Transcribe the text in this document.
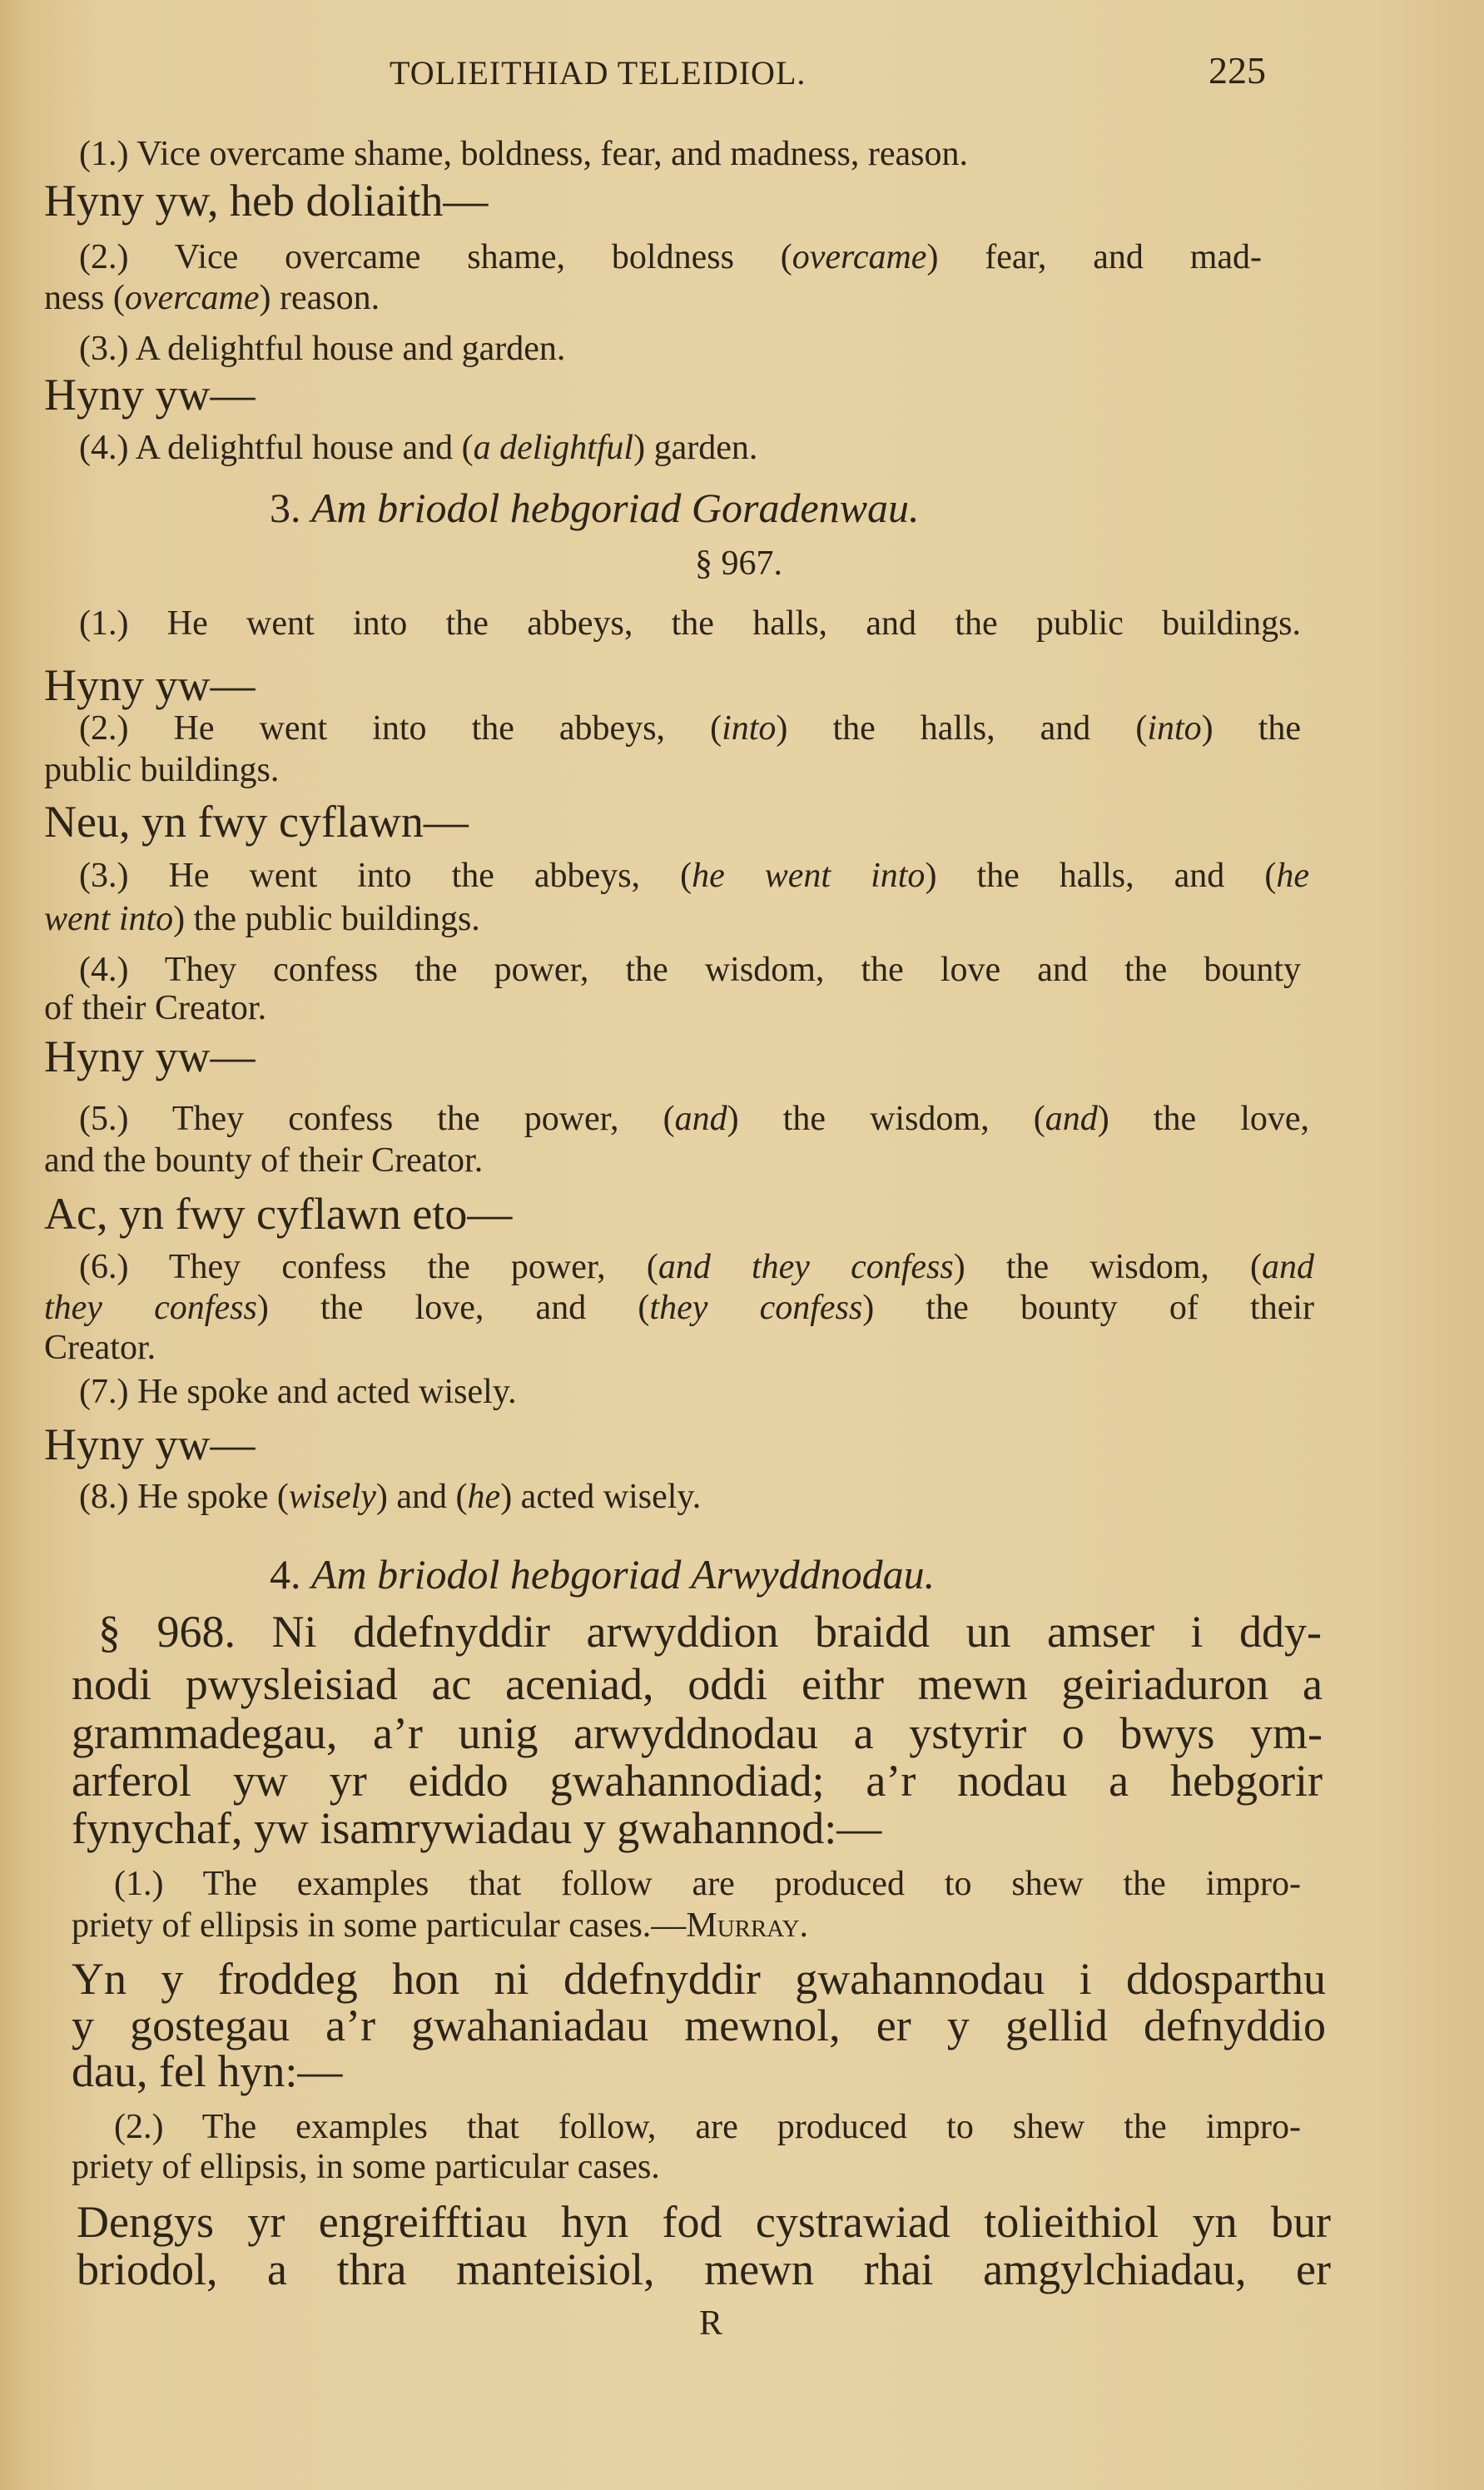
TOLIEITHIAD TELEIDIOL.	225
(1.) Vice overcame shame, boldness, fear, and madness, reason.
Hyny yw, heb doliaith—
(2.) Vice overcame shame, boldness (overcame) fear, and mad-
ness (overcame) reason.
(3.) A delightful house and garden.
Hyny yw—
(4.) A delightful house and (a delightful) garden.
3. Am briodol hebgoriad Goradenwau.
§ 967.
(1.) He went into the abbeys, the halls, and the public buildings.
Hyny yw—
(2.) He went into the abbeys, (into) the halls, and (into) the
public buildings.
Neu, yn fwy cyflawn—
(3.) He went into the abbeys, (he went into) the halls, and (he
went into) the public buildings.
(4.) They confess the power, the wisdom, the love and the bounty
of their Creator.
Hyny yw—
(5.) They confess the power, (and) the wisdom, (and) the love,
and the bounty of their Creator.
Ac, yn fwy cyflawn eto—
(6.) They confess the power, (and they confess) the wisdom, (and
they confess) the love, and (they confess) the bounty of their
Creator.
(7.) He spoke and acted wisely.
Hyny yw—
(8.) He spoke (wisely) and (he) acted wisely.
4. Am briodol hebgoriad Arwyddnodau.
§ 968. Ni ddefnyddir arwyddion braidd un amser i ddy-
nodi pwysleisiad ac aceniad, oddi eithr mewn geiriaduron a
grammadegau, a’r unig arwyddnodau a ystyrir o bwys ym-
arferol yw yr eiddo gwahannodiad; a’r nodau a hebgorir
fynychaf, yw isamrywiadau y gwahannod:—
(1.) The examples that follow are produced to shew the impro-
priety of ellipsis in some particular cases.—Murray.
Yn y froddeg hon ni ddefnyddir gwahannodau i ddosparthu
y gostegau a’r gwahaniadau mewnol, er y gellid defnyddio
dau, fel hyn:—
(2.) The examples that follow, are produced to shew the impro-
priety of ellipsis, in some particular cases.
Dengys yr engreifftiau hyn fod cystrawiad tolieithiol yn bur
briodol, a thra manteisiol, mewn rhai amgylchiadau, er
R
